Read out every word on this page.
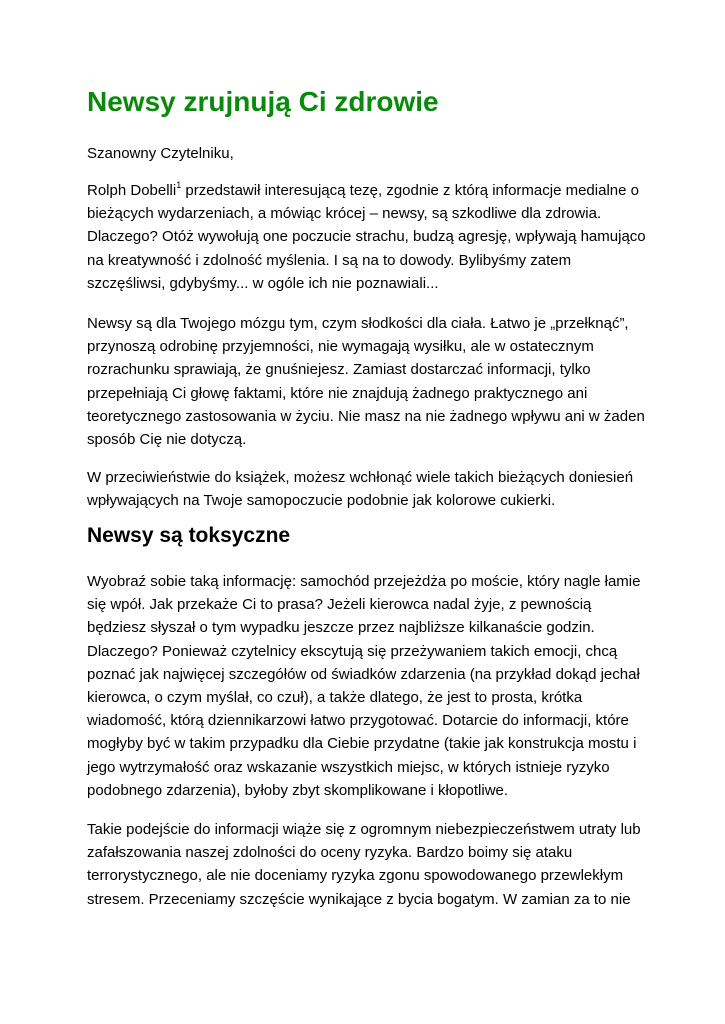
Newsy zrujnują Ci zdrowie

Szanowny Czytelniku,

Rolph Dobelli$^1$ przedstawił interesującą tezę, zgodnie z którą informacje medialne o
bieżących wydarzeniach, a mówiąc krócej – newsy, są szkodliwe dla zdrowia.
Dlaczego? Otóż wywołują one poczucie strachu, budzą agresję, wpływają hamująco
na kreatywność i zdolność myślenia. I są na to dowody. Bylibyśmy zatem
szczęśliwsi, gdybyśmy... w ogóle ich nie poznawiali...

Newsy są dla Twojego mózgu tym, czym słodkości dla ciała. Łatwo je „przełknąć”,
przynoszą odrobinę przyjemności, nie wymagają wysiłku, ale w ostatecznym
rozrachunku sprawiają, że gnuśniejesz. Zamiast dostarczać informacji, tylko
przepełniają Ci głowę faktami, które nie znajdują żadnego praktycznego ani
teoretycznego zastosowania w życiu. Nie masz na nie żadnego wpływu ani w żaden
sposób Cię nie dotyczą.

W przeciwieństwie do książek, możesz wchłonąć wiele takich bieżących doniesień
wpływających na Twoje samopoczucie podobnie jak kolorowe cukierki.

Newsy są toksyczne

Wyobraź sobie taką informację: samochód przejeżdża po moście, który nagle łamie
się wpół. Jak przekaże Ci to prasa? Jeżeli kierowca nadal żyje, z pewnością
będziesz słyszał o tym wypadku jeszcze przez najbliższe kilkanaście godzin.
Dlaczego? Ponieważ czytelnicy ekscytują się przeżywaniem takich emocji, chcą
poznać jak najwięcej szczegółów od świadków zdarzenia (na przykład dokąd jechał
kierowca, o czym myślał, co czuł), a także dlatego, że jest to prosta, krótka
wiadomość, którą dziennikarzowi łatwo przygotować. Dotarcie do informacji, które
mogłyby być w takim przypadku dla Ciebie przydatne (takie jak konstrukcja mostu i
jego wytrzymałość oraz wskazanie wszystkich miejsc, w których istnieje ryzyko
podobnego zdarzenia), byłoby zbyt skomplikowane i kłopotliwe.

Takie podejście do informacji wiąże się z ogromnym niebezpieczeństwem utraty lub
zafałszowania naszej zdolności do oceny ryzyka. Bardzo boimy się ataku
terrorystycznego, ale nie doceniamy ryzyka zgonu spowodowanego przewlekłym
stresem. Przeceniamy szczęście wynikające z bycia bogatym. W zamian za to nie
